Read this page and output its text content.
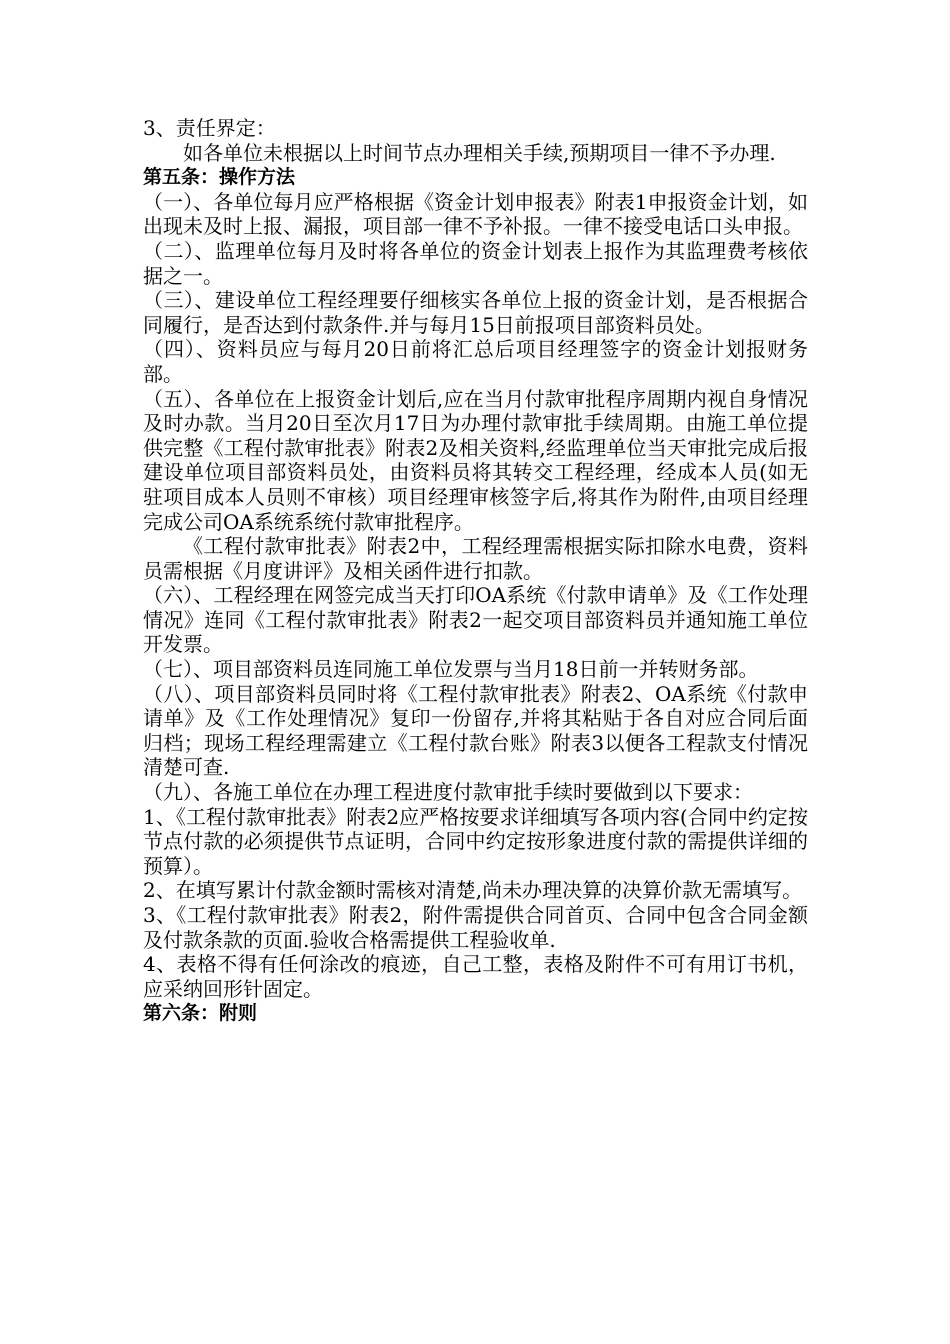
3、责任界定：

如各单位未根据以上时间节点办理相关手续,预期项目一律不予办理.

第五条：操作方法

（一）、各单位每月应严格根据《资金计划申报表》附表1申报资金计划，如出现未及时上报、漏报，项目部一律不予补报。一律不接受电话口头申报。

（二）、监理单位每月及时将各单位的资金计划表上报作为其监理费考核依据之一。

（三）、建设单位工程经理要仔细核实各单位上报的资金计划，是否根据合同履行，是否达到付款条件.并与每月15日前报项目部资料员处。

（四）、资料员应与每月20日前将汇总后项目经理签字的资金计划报财务部。

（五）、各单位在上报资金计划后,应在当月付款审批程序周期内视自身情况及时办款。当月20日至次月17日为办理付款审批手续周期。由施工单位提供完整《工程付款审批表》附表2及相关资料,经监理单位当天审批完成后报建设单位项目部资料员处，由资料员将其转交工程经理，经成本人员(如无驻项目成本人员则不审核）项目经理审核签字后,将其作为附件,由项目经理完成公司OA系统系统付款审批程序。

《工程付款审批表》附表2中，工程经理需根据实际扣除水电费，资料员需根据《月度讲评》及相关函件进行扣款。

（六）、工程经理在网签完成当天打印OA系统《付款申请单》及《工作处理情况》连同《工程付款审批表》附表2一起交项目部资料员并通知施工单位开发票。

（七）、项目部资料员连同施工单位发票与当月18日前一并转财务部。

（八）、项目部资料员同时将《工程付款审批表》附表2、OA系统《付款申请单》及《工作处理情况》复印一份留存,并将其粘贴于各自对应合同后面归档；现场工程经理需建立《工程付款台账》附表3以便各工程款支付情况清楚可查.

（九）、各施工单位在办理工程进度付款审批手续时要做到以下要求：

1、《工程付款审批表》附表2应严格按要求详细填写各项内容(合同中约定按节点付款的必须提供节点证明，合同中约定按形象进度付款的需提供详细的预算）。

2、在填写累计付款金额时需核对清楚,尚未办理决算的决算价款无需填写。

3、《工程付款审批表》附表2，附件需提供合同首页、合同中包含合同金额及付款条款的页面.验收合格需提供工程验收单.

4、表格不得有任何涂改的痕迹，自己工整，表格及附件不可有用订书机，应采纳回形针固定。

第六条：附则
